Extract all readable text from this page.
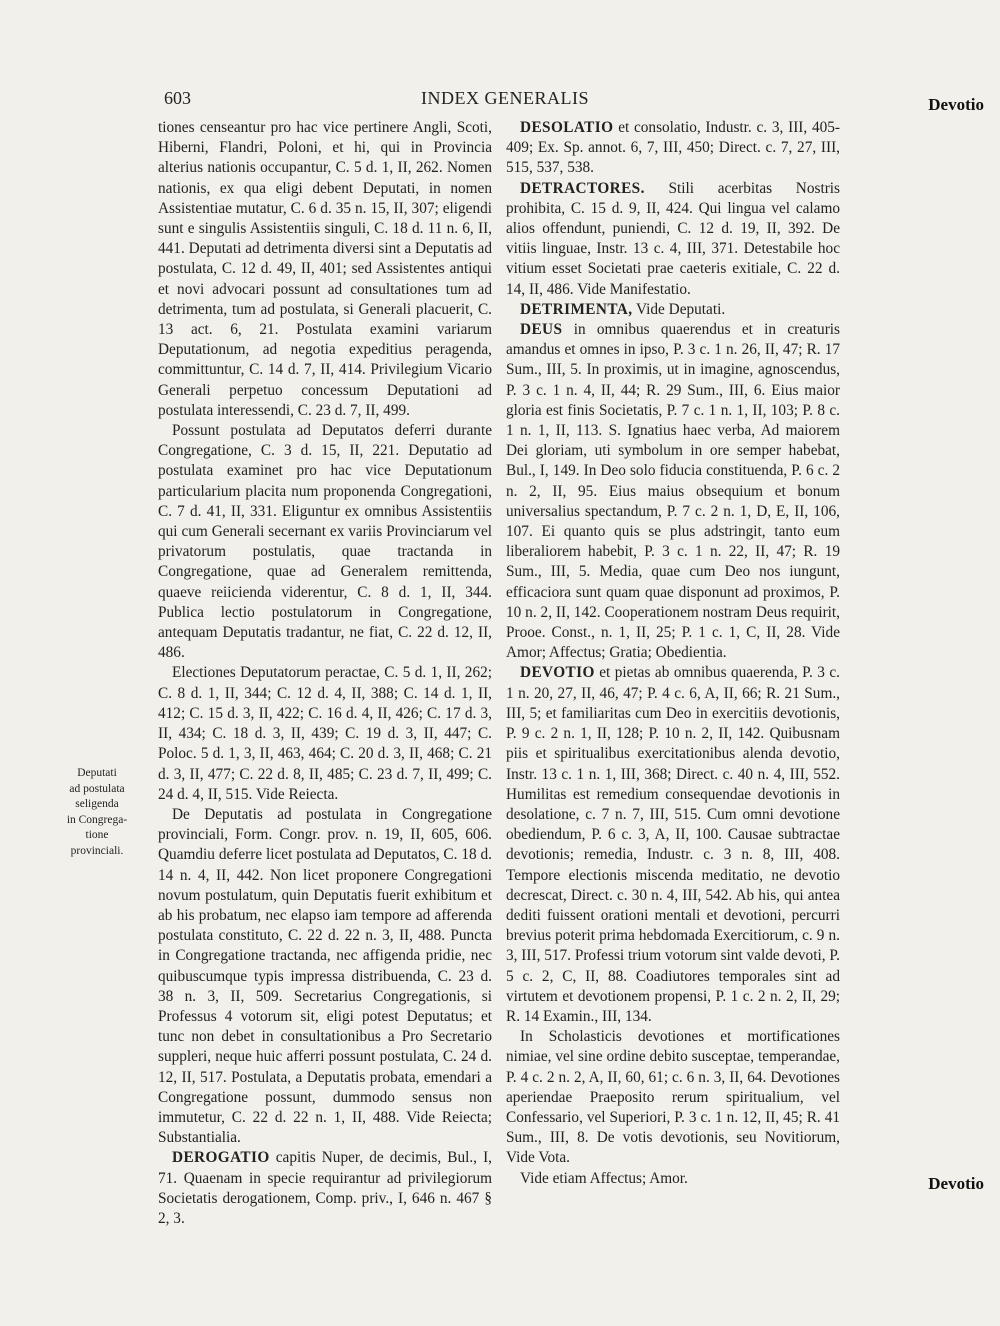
603	INDEX GENERALIS	Devotio
Devotio
Deputati
ad postulata
seligenda
in Congrega-
tione
provinciali.

tiones censeantur pro hac vice pertinere Angli, Scoti, Hiberni, Flandri, Poloni, et hi, qui in Provincia alterius nationis occupantur, C. 5 d. 1, II, 262. Nomen nationis, ex qua eligi debent Deputati, in nomen Assistentiae mutatur, C. 6 d. 35 n. 15, II, 307; eligendi sunt e singulis Assistentiis singuli, C. 18 d. 11 n. 6, II, 441. Deputati ad detrimenta diversi sint a Deputatis ad postulata, C. 12 d. 49, II, 401; sed Assistentes antiqui et novi advocari possunt ad consultationes tum ad detrimenta, tum ad postulata, si Generali placuerit, C. 13 act. 6, 21. Postulata examini variarum Deputationum, ad negotia expeditius peragenda, committuntur, C. 14 d. 7, II, 414. Privilegium Vicario Generali perpetuo concessum Deputationi ad postulata interessendi, C. 23 d. 7, II, 499.

Possunt postulata ad Deputatos deferri durante Congregatione, C. 3 d. 15, II, 221. Deputatio ad postulata examinet pro hac vice Deputationum particularium placita num proponenda Congregationi, C. 7 d. 41, II, 331. Eliguntur ex omnibus Assistentiis qui cum Generali secernant ex variis Provinciarum vel privatorum postulatis, quae tractanda in Congregatione, quae ad Generalem remittenda, quaeve reiicienda viderentur, C. 8 d. 1, II, 344. Publica lectio postulatorum in Congregatione, antequam Deputatis tradantur, ne fiat, C. 22 d. 12, II, 486.

Electiones Deputatorum peractae, C. 5 d. 1, II, 262; C. 8 d. 1, II, 344; C. 12 d. 4, II, 388; C. 14 d. 1, II, 412; C. 15 d. 3, II, 422; C. 16 d. 4, II, 426; C. 17 d. 3, II, 434; C. 18 d. 3, II, 439; C. 19 d. 3, II, 447; C. Poloc. 5 d. 1, 3, II, 463, 464; C. 20 d. 3, II, 468; C. 21 d. 3, II, 477; C. 22 d. 8, II, 485; C. 23 d. 7, II, 499; C. 24 d. 4, II, 515. Vide Reiecta.

De Deputatis ad postulata in Congregatione provinciali, Form. Congr. prov. n. 19, II, 605, 606. Quamdiu deferre licet postulata ad Deputatos, C. 18 d. 14 n. 4, II, 442. Non licet proponere Congregationi novum postulatum, quin Deputatis fuerit exhibitum et ab his probatum, nec elapso iam tempore ad afferenda postulata constituto, C. 22 d. 22 n. 3, II, 488. Puncta in Congregatione tractanda, nec affigenda pridie, nec quibuscumque typis impressa distribuenda, C. 23 d. 38 n. 3, II, 509. Secretarius Congregationis, si Professus 4 votorum sit, eligi potest Deputatus; et tunc non debet in consultationibus a Pro Secretario suppleri, neque huic afferri possunt postulata, C. 24 d. 12, II, 517. Postulata, a Deputatis probata, emendari a Congregatione possunt, dummodo sensus non immutetur, C. 22 d. 22 n. 1, II, 488. Vide Reiecta; Substantialia.

DEROGATIO capitis Nuper, de decimis, Bul., I, 71. Quaenam in specie requirantur ad privilegiorum Societatis derogationem, Comp. priv., I, 646 n. 467 § 2, 3.

DESOLATIO et consolatio, Industr. c. 3, III, 405-409; Ex. Sp. annot. 6, 7, III, 450; Direct. c. 7, 27, III, 515, 537, 538.

DETRACTORES. Stili acerbitas Nostris prohibita, C. 15 d. 9, II, 424. Qui lingua vel calamo alios offendunt, puniendi, C. 12 d. 19, II, 392. De vitiis linguae, Instr. 13 c. 4, III, 371. Detestabile hoc vitium esset Societati prae caeteris exitiale, C. 22 d. 14, II, 486. Vide Manifestatio.

DETRIMENTA, Vide Deputati.

DEUS in omnibus quaerendus et in creaturis amandus et omnes in ipso, P. 3 c. 1 n. 26, II, 47; R. 17 Sum., III, 5. In proximis, ut in imagine, agnoscendus, P. 3 c. 1 n. 4, II, 44; R. 29 Sum., III, 6. Eius maior gloria est finis Societatis, P. 7 c. 1 n. 1, II, 103; P. 8 c. 1 n. 1, II, 113. S. Ignatius haec verba, Ad maiorem Dei gloriam, uti symbolum in ore semper habebat, Bul., I, 149. In Deo solo fiducia constituenda, P. 6 c. 2 n. 2, II, 95. Eius maius obsequium et bonum universalius spectandum, P. 7 c. 2 n. 1, D, E, II, 106, 107. Ei quanto quis se plus adstringit, tanto eum liberaliorem habebit, P. 3 c. 1 n. 22, II, 47; R. 19 Sum., III, 5. Media, quae cum Deo nos iungunt, efficaciora sunt quam quae disponunt ad proximos, P. 10 n. 2, II, 142. Cooperationem nostram Deus requirit, Prooe. Const., n. 1, II, 25; P. 1 c. 1, C, II, 28. Vide Amor; Affectus; Gratia; Obedientia.

DEVOTIO et pietas ab omnibus quaerenda, P. 3 c. 1 n. 20, 27, II, 46, 47; P. 4 c. 6, A, II, 66; R. 21 Sum., III, 5; et familiaritas cum Deo in exercitiis devotionis, P. 9 c. 2 n. 1, II, 128; P. 10 n. 2, II, 142. Quibusnam piis et spiritualibus exercitationibus alenda devotio, Instr. 13 c. 1 n. 1, III, 368; Direct. c. 40 n. 4, III, 552. Humilitas est remedium consequendae devotionis in desolatione, c. 7 n. 7, III, 515. Cum omni devotione obediendum, P. 6 c. 3, A, II, 100. Causae subtractae devotionis; remedia, Industr. c. 3 n. 8, III, 408. Tempore electionis miscenda meditatio, ne devotio decrescat, Direct. c. 30 n. 4, III, 542. Ab his, qui antea dediti fuissent orationi mentali et devotioni, percurri brevius poterit prima hebdomada Exercitiorum, c. 9 n. 3, III, 517. Professi trium votorum sint valde devoti, P. 5 c. 2, C, II, 88. Coadiutores temporales sint ad virtutem et devotionem propensi, P. 1 c. 2 n. 2, II, 29; R. 14 Examin., III, 134.

In Scholasticis devotiones et mortificationes nimiae, vel sine ordine debito susceptae, temperandae, P. 4 c. 2 n. 2, A, II, 60, 61; c. 6 n. 3, II, 64. Devotiones aperiendae Praeposito rerum spiritualium, vel Confessario, vel Superiori, P. 3 c. 1 n. 12, II, 45; R. 41 Sum., III, 8. De votis devotionis, seu Novitiorum, Vide Vota.

Vide etiam Affectus; Amor.
